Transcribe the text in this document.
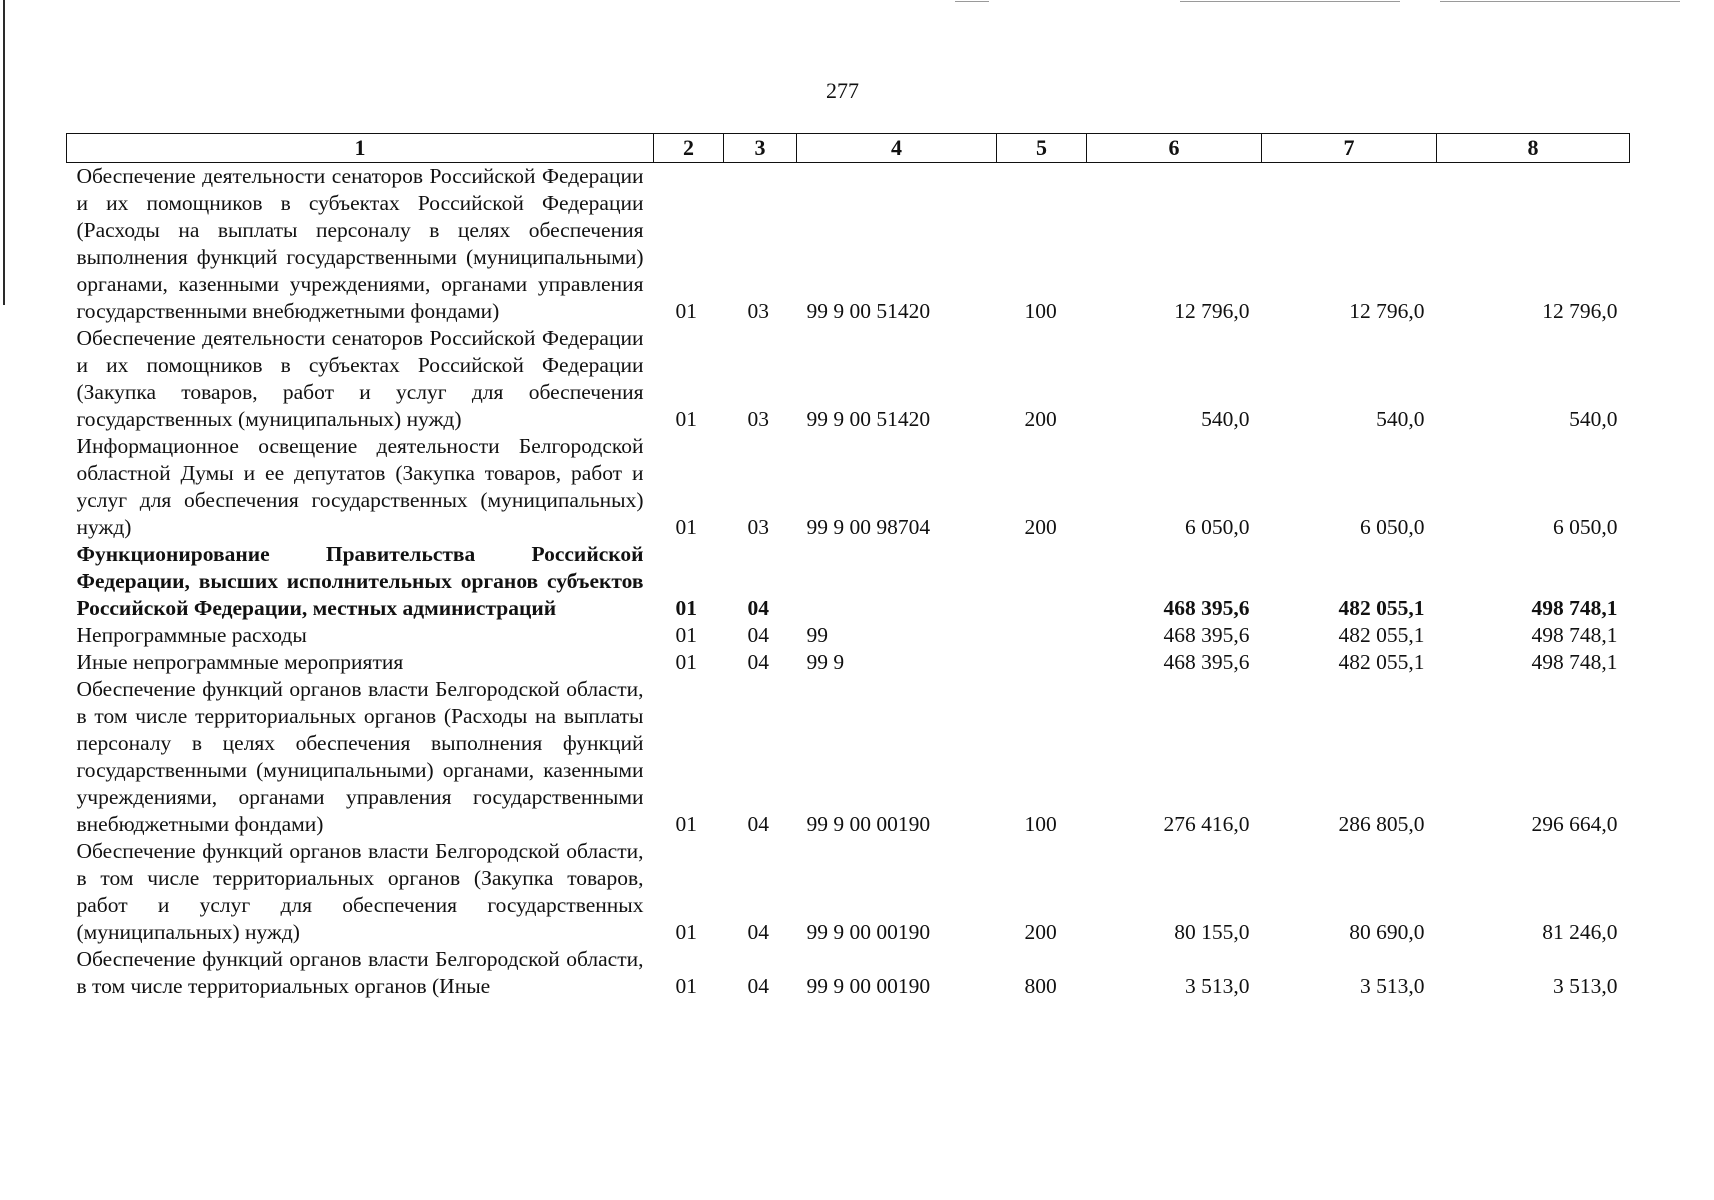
277
1	2	3	4	5	6	7	8
Обеспечение деятельности сенаторов Российской Федерации и их помощников в субъектах Российской Федерации (Расходы на выплаты персоналу в целях обеспечения выполнения функций государственными (муниципальными) органами, казенными учреждениями, органами управления государственными внебюджетными фондами)	01	03	99 9 00 51420	100	12 796,0	12 796,0	12 796,0
Обеспечение деятельности сенаторов Российской Федерации и их помощников в субъектах Российской Федерации (Закупка товаров, работ и услуг для обеспечения государственных (муниципальных) нужд)	01	03	99 9 00 51420	200	540,0	540,0	540,0
Информационное освещение деятельности Белгородской областной Думы и ее депутатов (Закупка товаров, работ и услуг для обеспечения государственных (муниципальных) нужд)	01	03	99 9 00 98704	200	6 050,0	6 050,0	6 050,0
Функционирование Правительства Российской Федерации, высших исполнительных органов субъектов Российской Федерации, местных администраций	01	04			468 395,6	482 055,1	498 748,1
Непрограммные расходы	01	04	99		468 395,6	482 055,1	498 748,1
Иные непрограммные мероприятия	01	04	99 9		468 395,6	482 055,1	498 748,1
Обеспечение функций органов власти Белгородской области, в том числе территориальных органов (Расходы на выплаты персоналу в целях обеспечения выполнения функций государственными (муниципальными) органами, казенными учреждениями, органами управления государственными внебюджетными фондами)	01	04	99 9 00 00190	100	276 416,0	286 805,0	296 664,0
Обеспечение функций органов власти Белгородской области, в том числе территориальных органов (Закупка товаров, работ и услуг для обеспечения государственных (муниципальных) нужд)	01	04	99 9 00 00190	200	80 155,0	80 690,0	81 246,0
Обеспечение функций органов власти Белгородской области, в том числе территориальных органов (Иные	01	04	99 9 00 00190	800	3 513,0	3 513,0	3 513,0
